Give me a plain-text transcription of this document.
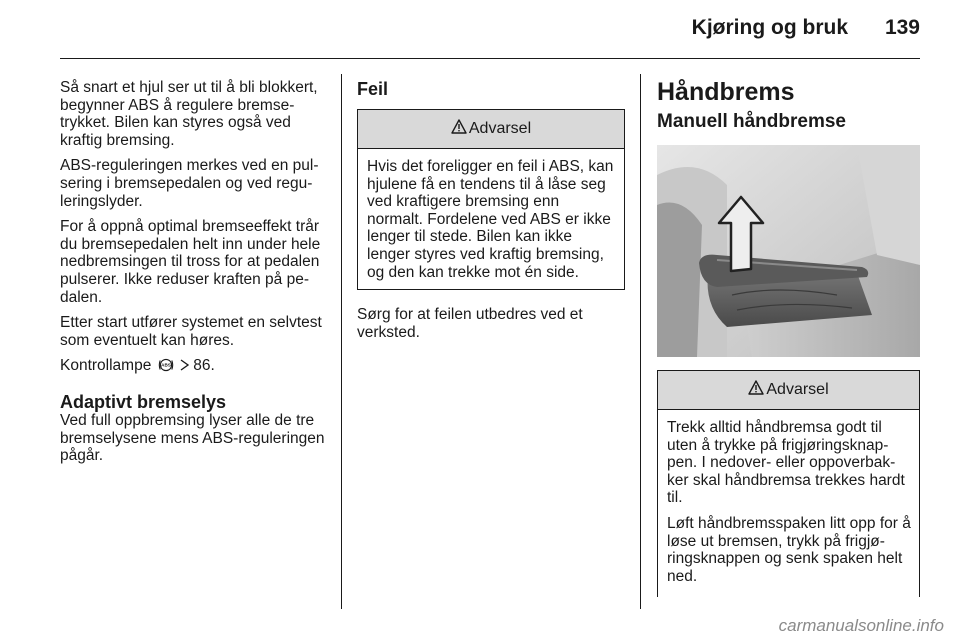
Kjøring og bruk 139

Så snart et hjul ser ut til å bli blokkert, begynner ABS å regulere bremsetrykket. Bilen kan styres også ved kraftig bremsing.

ABS-reguleringen merkes ved en pulsering i bremsepedalen og ved reguleringslyder.

For å oppnå optimal bremseeffekt trår du bremsepedalen helt inn under hele nedbremsingen til tross for at pedalen pulserer. Ikke reduser kraften på pedalen.

Etter start utfører systemet en selvtest som eventuelt kan høres.

Kontrollampe ABS 86.

Adaptivt bremselys

Ved full oppbremsing lyser alle de tre bremselysene mens ABS-reguleringen pågår.

Feil
Advarsel

Hvis det foreligger en feil i ABS, kan hjulene få en tendens til å låse seg ved kraftigere bremsing enn normalt. Fordelene ved ABS er ikke lenger til stede. Bilen kan ikke lenger styres ved kraftig bremsing, og den kan trekke mot én side.

Sørg for at feilen utbedres ved et verksted.

Håndbrems
Manuell håndbremse
Advarsel

Trekk alltid håndbremsa godt til uten å trykke på frigjøringsknappen. I nedover- eller oppoverbakker skal håndbremsa trekkes hardt til.

Løft håndbremsspaken litt opp for å løse ut bremsen, trykk på frigjøringsknappen og senk spaken helt ned.

carmanualsonline.info
